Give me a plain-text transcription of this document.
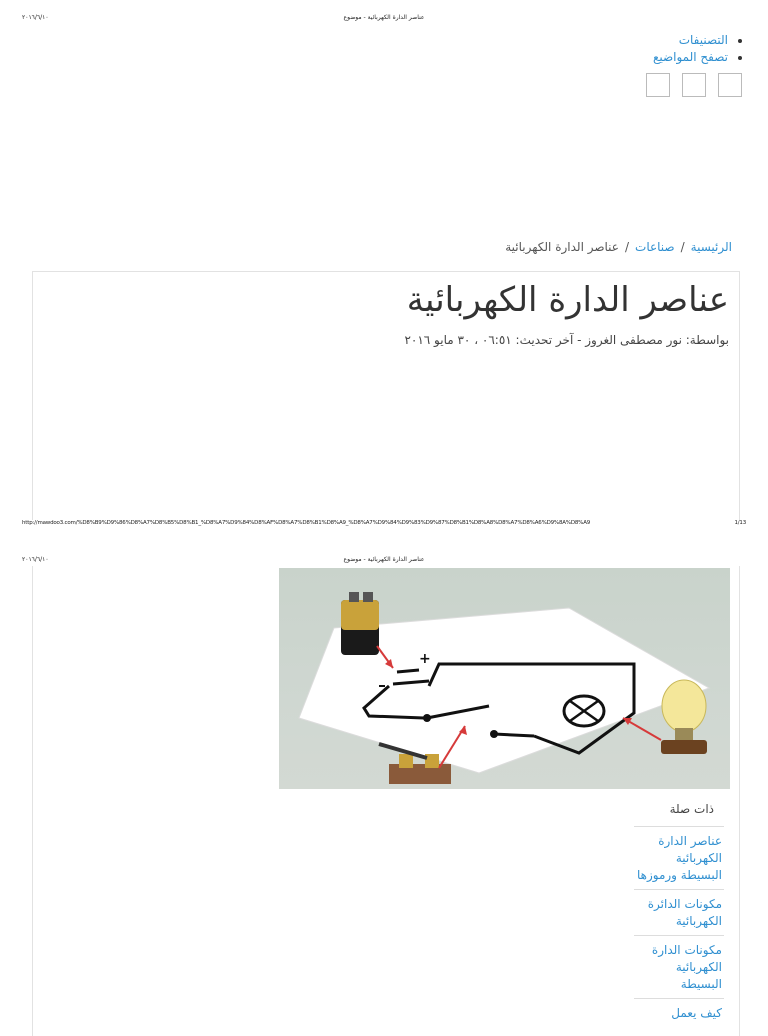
٢٠١٦/٦/١٠	عناصر الدارة الكهربائية - موضوع
• التصنيفات
• تصفح المواضيع
الرئيسية/صناعات/عناصر الدارة الكهربائية
عناصر الدارة الكهربائية
بواسطة: نور مصطفى الغروز - آخر تحديث: ٠٦:٥١ ، ٣٠ مايو ٢٠١٦
http://mawdoo3.com/%D8%B9%D9%86%D8%A7%D8%B5%D8%B1_%D8%A7%D9%84%D8%AF%D8%A7%D8%B1%D8%A9_%D8%A7%D9%84%D9%83%D9%87%D8%B1%D8%A8%D8%A7%D8%A6%D9%8A%D8%A9	1/13
٢٠١٦/٦/١٠	عناصر الدارة الكهربائية - موضوع
+
ذات صلة
عناصر الدارة الكهربائية البسيطة ورموزها
مكونات الدائرة الكهربائية
مكونات الدارة الكهربائية البسيطة
كيف يعمل
